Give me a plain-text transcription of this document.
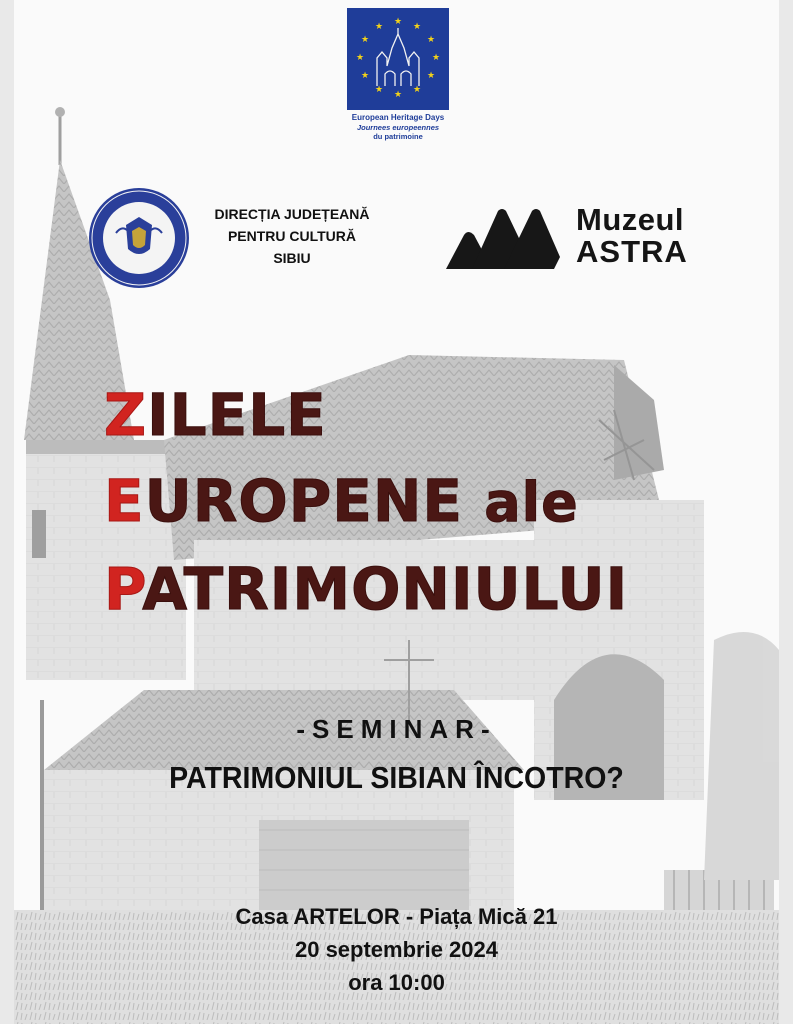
★ ★
★
★
★
★
★
★
★
★
★
★
European Heritage Days
Journees europeennes
du patrimoine
DIRECȚIA JUDEȚEANĂ
PENTRU CULTURĂ
SIBIU
Muzeul
ASTRA
ZILELE
EUROPENE ale
PATRIMONIULUI
-SEMINAR-
PATRIMONIUL SIBIAN ÎNCOTRO?
Casa ARTELOR - Piața Mică 21
20 septembrie 2024
ora 10:00
